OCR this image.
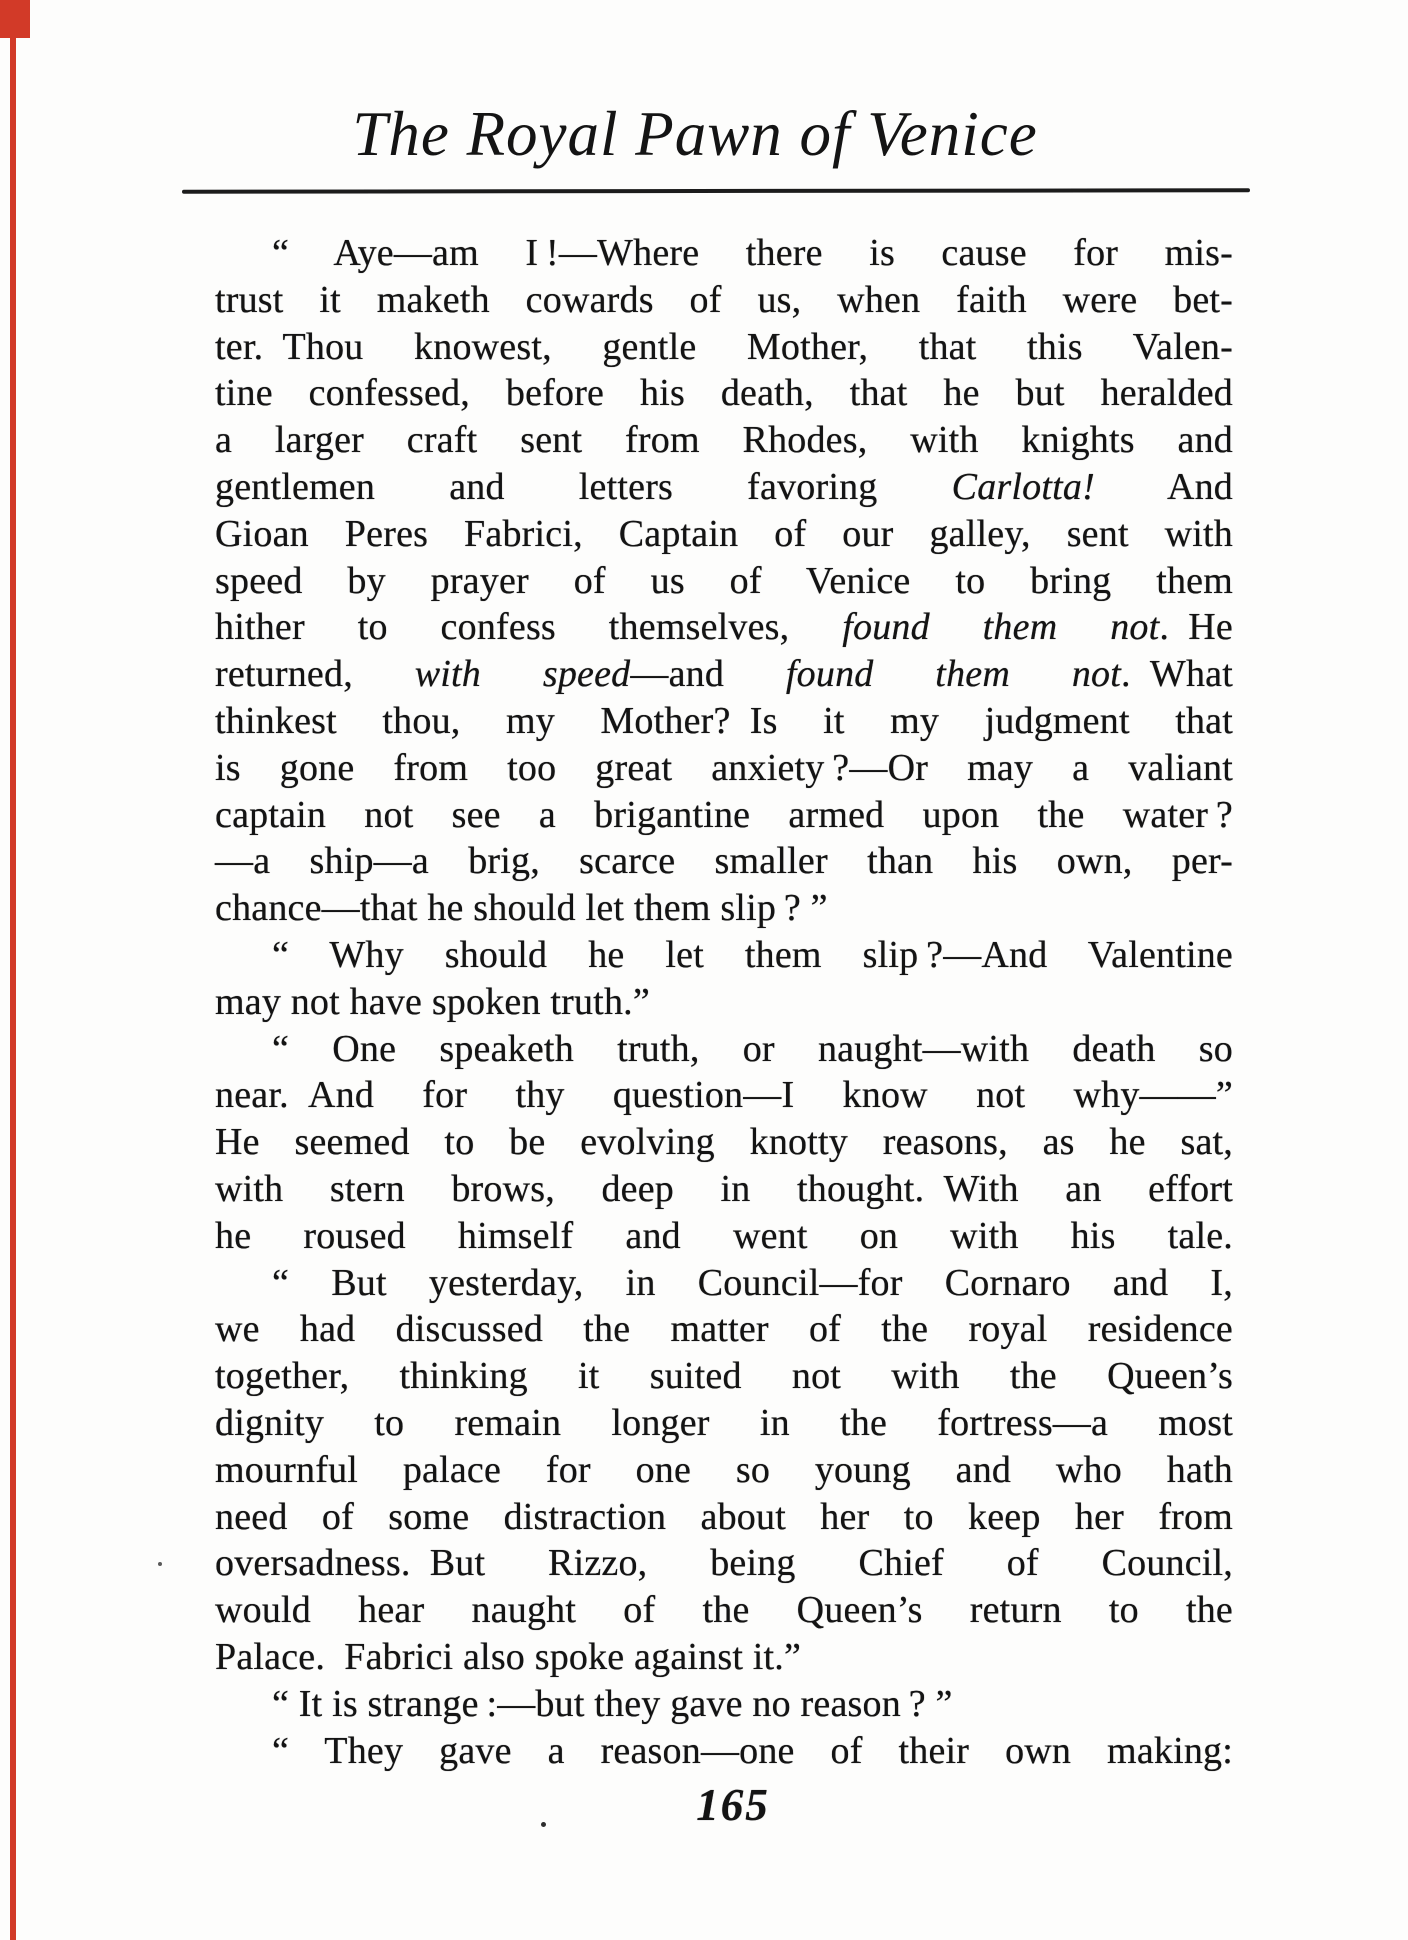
The Royal Pawn of Venice
“ Aye—am I !—Where there is cause for mis-
trust it maketh cowards of us, when faith were bet-
ter. Thou knowest, gentle Mother, that this Valen-
tine confessed, before his death, that he but heralded
a larger craft sent from Rhodes, with knights and
gentlemen and letters favoring Carlotta! And
Gioan Peres Fabrici, Captain of our galley, sent with
speed by prayer of us of Venice to bring them
hither to confess themselves, found them not. He
returned, with speed—and found them not. What
thinkest thou, my Mother? Is it my judgment that
is gone from too great anxiety ?—Or may a valiant
captain not see a brigantine armed upon the water ?
—a ship—a brig, scarce smaller than his own, per-
chance—that he should let them slip ? ”
“ Why should he let them slip ?—And Valentine
may not have spoken truth.”
“ One speaketh truth, or naught—with death so
near. And for thy question—I know not why——”
He seemed to be evolving knotty reasons, as he sat,
with stern brows, deep in thought. With an effort
he roused himself and went on with his tale.
“ But yesterday, in Council—for Cornaro and I,
we had discussed the matter of the royal residence
together, thinking it suited not with the Queen’s
dignity to remain longer in the fortress—a most
mournful palace for one so young and who hath
need of some distraction about her to keep her from
oversadness. But Rizzo, being Chief of Council,
would hear naught of the Queen’s return to the
Palace. Fabrici also spoke against it.”
“ It is strange :—but they gave no reason ? ”
“ They gave a reason—one of their own making:
165
